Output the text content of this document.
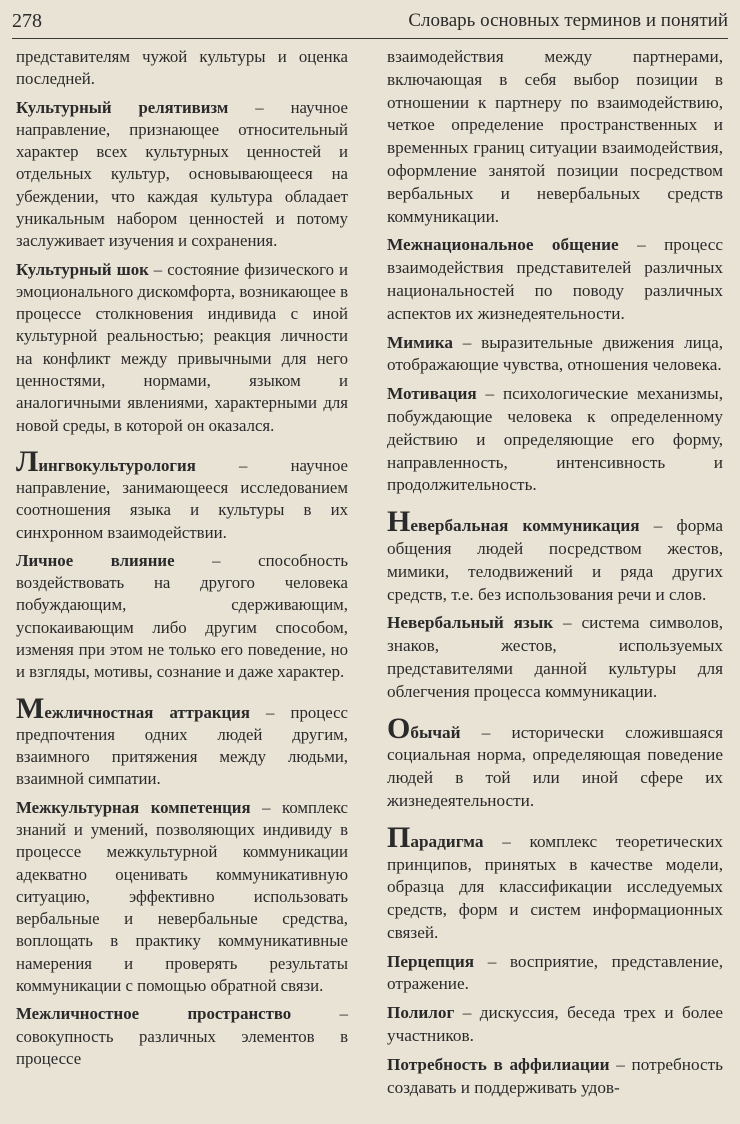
278	Словарь основных терминов и понятий

представителям чужой культуры и оценка последней.

Культурный релятивизм – научное направление, признающее относительный характер всех культурных ценностей и отдельных культур, основывающееся на убеждении, что каждая культура обладает уникальным набором ценностей и потому заслуживает изучения и сохранения.

Культурный шок – состояние физического и эмоционального дискомфорта, возникающее в процессе столкновения индивида с иной культурной реальностью; реакция личности на конфликт между привычными для него ценностями, нормами, языком и аналогичными явлениями, характерными для новой среды, в которой он оказался.

Лингвокультурология – научное направление, занимающееся исследованием соотношения языка и культуры в их синхронном взаимодействии.

Личное влияние – способность воздействовать на другого человека побуждающим, сдерживающим, успокаивающим либо другим способом, изменяя при этом не только его поведение, но и взгляды, мотивы, сознание и даже характер.

Межличностная аттракция – процесс предпочтения одних людей другим, взаимного притяжения между людьми, взаимной симпатии.

Межкультурная компетенция – комплекс знаний и умений, позволяющих индивиду в процессе межкультурной коммуникации адекватно оценивать коммуникативную ситуацию, эффективно использовать вербальные и невербальные средства, воплощать в практику коммуникативные намерения и проверять результаты коммуникации с помощью обратной связи.

Межличностное пространство – совокупность различных элементов в процессе

взаимодействия между партнерами, включающая в себя выбор позиции в отношении к партнеру по взаимодействию, четкое определение пространственных и временных границ ситуации взаимодействия, оформление занятой позиции посредством вербальных и невербальных средств коммуникации.

Межнациональное общение – процесс взаимодействия представителей различных национальностей по поводу различных аспектов их жизнедеятельности.

Мимика – выразительные движения лица, отображающие чувства, отношения человека.

Мотивация – психологические механизмы, побуждающие человека к определенному действию и определяющие его форму, направленность, интенсивность и продолжительность.

Невербальная коммуникация – форма общения людей посредством жестов, мимики, телодвижений и ряда других средств, т.е. без использования речи и слов.

Невербальный язык – система символов, знаков, жестов, используемых представителями данной культуры для облегчения процесса коммуникации.

Обычай – исторически сложившаяся социальная норма, определяющая поведение людей в той или иной сфере их жизнедеятельности.

Парадигма – комплекс теоретических принципов, принятых в качестве модели, образца для классификации исследуемых средств, форм и систем информационных связей.

Перцепция – восприятие, представление, отражение.

Полилог – дискуссия, беседа трех и более участников.

Потребность в аффилиации – потребность создавать и поддерживать удов-
